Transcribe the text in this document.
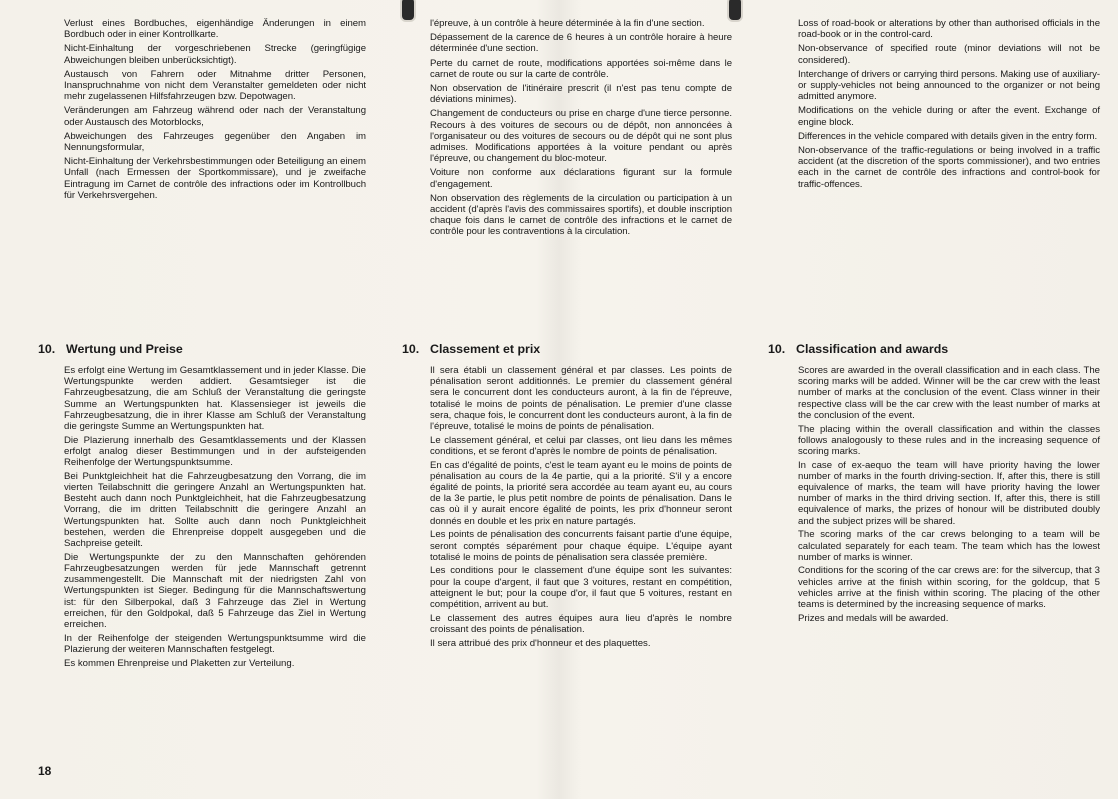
Verlust eines Bordbuches, eigenhändige Änderungen in einem Bordbuch oder in einer Kontrollkarte.

Nicht-Einhaltung der vorgeschriebenen Strecke (geringfügige Abweichungen bleiben unberücksichtigt).

Austausch von Fahrern oder Mitnahme dritter Personen, Inanspruchnahme von nicht dem Veranstalter gemeldeten oder nicht mehr zugelassenen Hilfsfahrzeugen bzw. Depotwagen.

Veränderungen am Fahrzeug während oder nach der Veranstaltung oder Austausch des Motorblocks,

Abweichungen des Fahrzeuges gegenüber den Angaben im Nennungsformular,

Nicht-Einhaltung der Verkehrsbestimmungen oder Beteiligung an einem Unfall (nach Ermessen der Sportkommissare), und je zweifache Eintragung im Carnet de contrôle des infractions oder im Kontrollbuch für Verkehrsvergehen.

l'épreuve, à un contrôle à heure déterminée à la fin d'une section.

Dépassement de la carence de 6 heures à un contrôle horaire à heure déterminée d'une section.

Perte du carnet de route, modifications apportées soi-même dans le carnet de route ou sur la carte de contrôle.

Non observation de l'itinéraire prescrit (il n'est pas tenu compte de déviations minimes).

Changement de conducteurs ou prise en charge d'une tierce personne. Recours à des voitures de secours ou de dépôt, non annoncées à l'organisateur ou des voitures de secours ou de dépôt qui ne sont plus admises. Modifications apportées à la voiture pendant ou après l'épreuve, ou changement du bloc-moteur.

Voiture non conforme aux déclarations figurant sur la formule d'engagement.

Non observation des règlements de la circulation ou participation à un accident (d'après l'avis des commissaires sportifs), et double inscription chaque fois dans le carnet de contrôle des infractions et le carnet de contrôle pour les contraventions à la circulation.

Loss of road-book or alterations by other than authorised officials in the road-book or in the control-card.

Non-observance of specified route (minor deviations will not be considered).

Interchange of drivers or carrying third persons. Making use of auxiliary- or supply-vehicles not being announced to the organizer or not being admitted anymore.

Modifications on the vehicle during or after the event. Exchange of engine block.

Differences in the vehicle compared with details given in the entry form.

Non-observance of the traffic-regulations or being involved in a traffic accident (at the discretion of the sports commissioner), and two entries each in the carnet de contrôle des infractions and control-book for traffic-offences.

10. Wertung und Preise

Es erfolgt eine Wertung im Gesamtklassement und in jeder Klasse. Die Wertungspunkte werden addiert. Gesamtsieger ist die Fahrzeugbesatzung, die am Schluß der Veranstaltung die geringste Summe an Wertungspunkten hat. Klassensieger ist jeweils die Fahrzeugbesatzung, die in ihrer Klasse am Schluß der Veranstaltung die geringste Summe an Wertungspunkten hat.

Die Plazierung innerhalb des Gesamtklassements und der Klassen erfolgt analog dieser Bestimmungen und in der aufsteigenden Reihenfolge der Wertungspunktsumme.

Bei Punktgleichheit hat die Fahrzeugbesatzung den Vorrang, die im vierten Teilabschnitt die geringere Anzahl an Wertungspunkten hat. Besteht auch dann noch Punktgleichheit, hat die Fahrzeugbesatzung Vorrang, die im dritten Teilabschnitt die geringere Anzahl an Wertungspunkten hat. Sollte auch dann noch Punktgleichheit bestehen, werden die Ehrenpreise doppelt ausgegeben und die Sachpreise geteilt.

Die Wertungspunkte der zu den Mannschaften gehörenden Fahrzeugbesatzungen werden für jede Mannschaft getrennt zusammengestellt. Die Mannschaft mit der niedrigsten Zahl von Wertungspunkten ist Sieger. Bedingung für die Mannschaftswertung ist: für den Silberpokal, daß 3 Fahrzeuge das Ziel in Wertung erreichen, für den Goldpokal, daß 5 Fahrzeuge das Ziel in Wertung erreichen.

In der Reihenfolge der steigenden Wertungspunktsumme wird die Plazierung der weiteren Mannschaften festgelegt.

Es kommen Ehrenpreise und Plaketten zur Verteilung.

10. Classement et prix

Il sera établi un classement général et par classes. Les points de pénalisation seront additionnés. Le premier du classement général sera le concurrent dont les conducteurs auront, à la fin de l'épreuve, totalisé le moins de points de pénalisation. Le premier d'une classe sera, chaque fois, le concurrent dont les conducteurs auront, à la fin de l'épreuve, totalisé le moins de points de pénalisation.

Le classement général, et celui par classes, ont lieu dans les mêmes conditions, et se feront d'après le nombre de points de pénalisation.

En cas d'égalité de points, c'est le team ayant eu le moins de points de pénalisation au cours de la 4e partie, qui a la priorité. S'il y a encore égalité de points, la priorité sera accordée au team ayant eu, au cours de la 3e partie, le plus petit nombre de points de pénalisation. Dans le cas où il y aurait encore égalité de points, les prix d'honneur seront donnés en double et les prix en nature partagés.

Les points de pénalisation des concurrents faisant partie d'une équipe, seront comptés séparément pour chaque équipe. L'équipe ayant totalisé le moins de points de pénalisation sera classée première.

Les conditions pour le classement d'une équipe sont les suivantes: pour la coupe d'argent, il faut que 3 voitures, restant en compétition, atteignent le but; pour la coupe d'or, il faut que 5 voitures, restant en compétition, arrivent au but.

Le classement des autres équipes aura lieu d'après le nombre croissant des points de pénalisation.

Il sera attribué des prix d'honneur et des plaquettes.

10. Classification and awards

Scores are awarded in the overall classification and in each class. The scoring marks will be added. Winner will be the car crew with the least number of marks at the conclusion of the event. Class winner in their respective class will be the car crew with the least number of marks at the conclusion of the event.

The placing within the overall classification and within the classes follows analogously to these rules and in the increasing sequence of scoring marks.

In case of ex-aequo the team will have priority having the lower number of marks in the fourth driving-section. If, after this, there is still equivalence of marks, the team will have priority having the lower number of marks in the third driving section. If, after this, there is still equivalence of marks, the prizes of honour will be distributed doubly and the subject prizes will be shared.

The scoring marks of the car crews belonging to a team will be calculated separately for each team. The team which has the lowest number of marks is winner.

Conditions for the scoring of the car crews are: for the silvercup, that 3 vehicles arrive at the finish within scoring, for the goldcup, that 5 vehicles arrive at the finish within scoring. The placing of the other teams is determined by the increasing sequence of marks.

Prizes and medals will be awarded.

18
